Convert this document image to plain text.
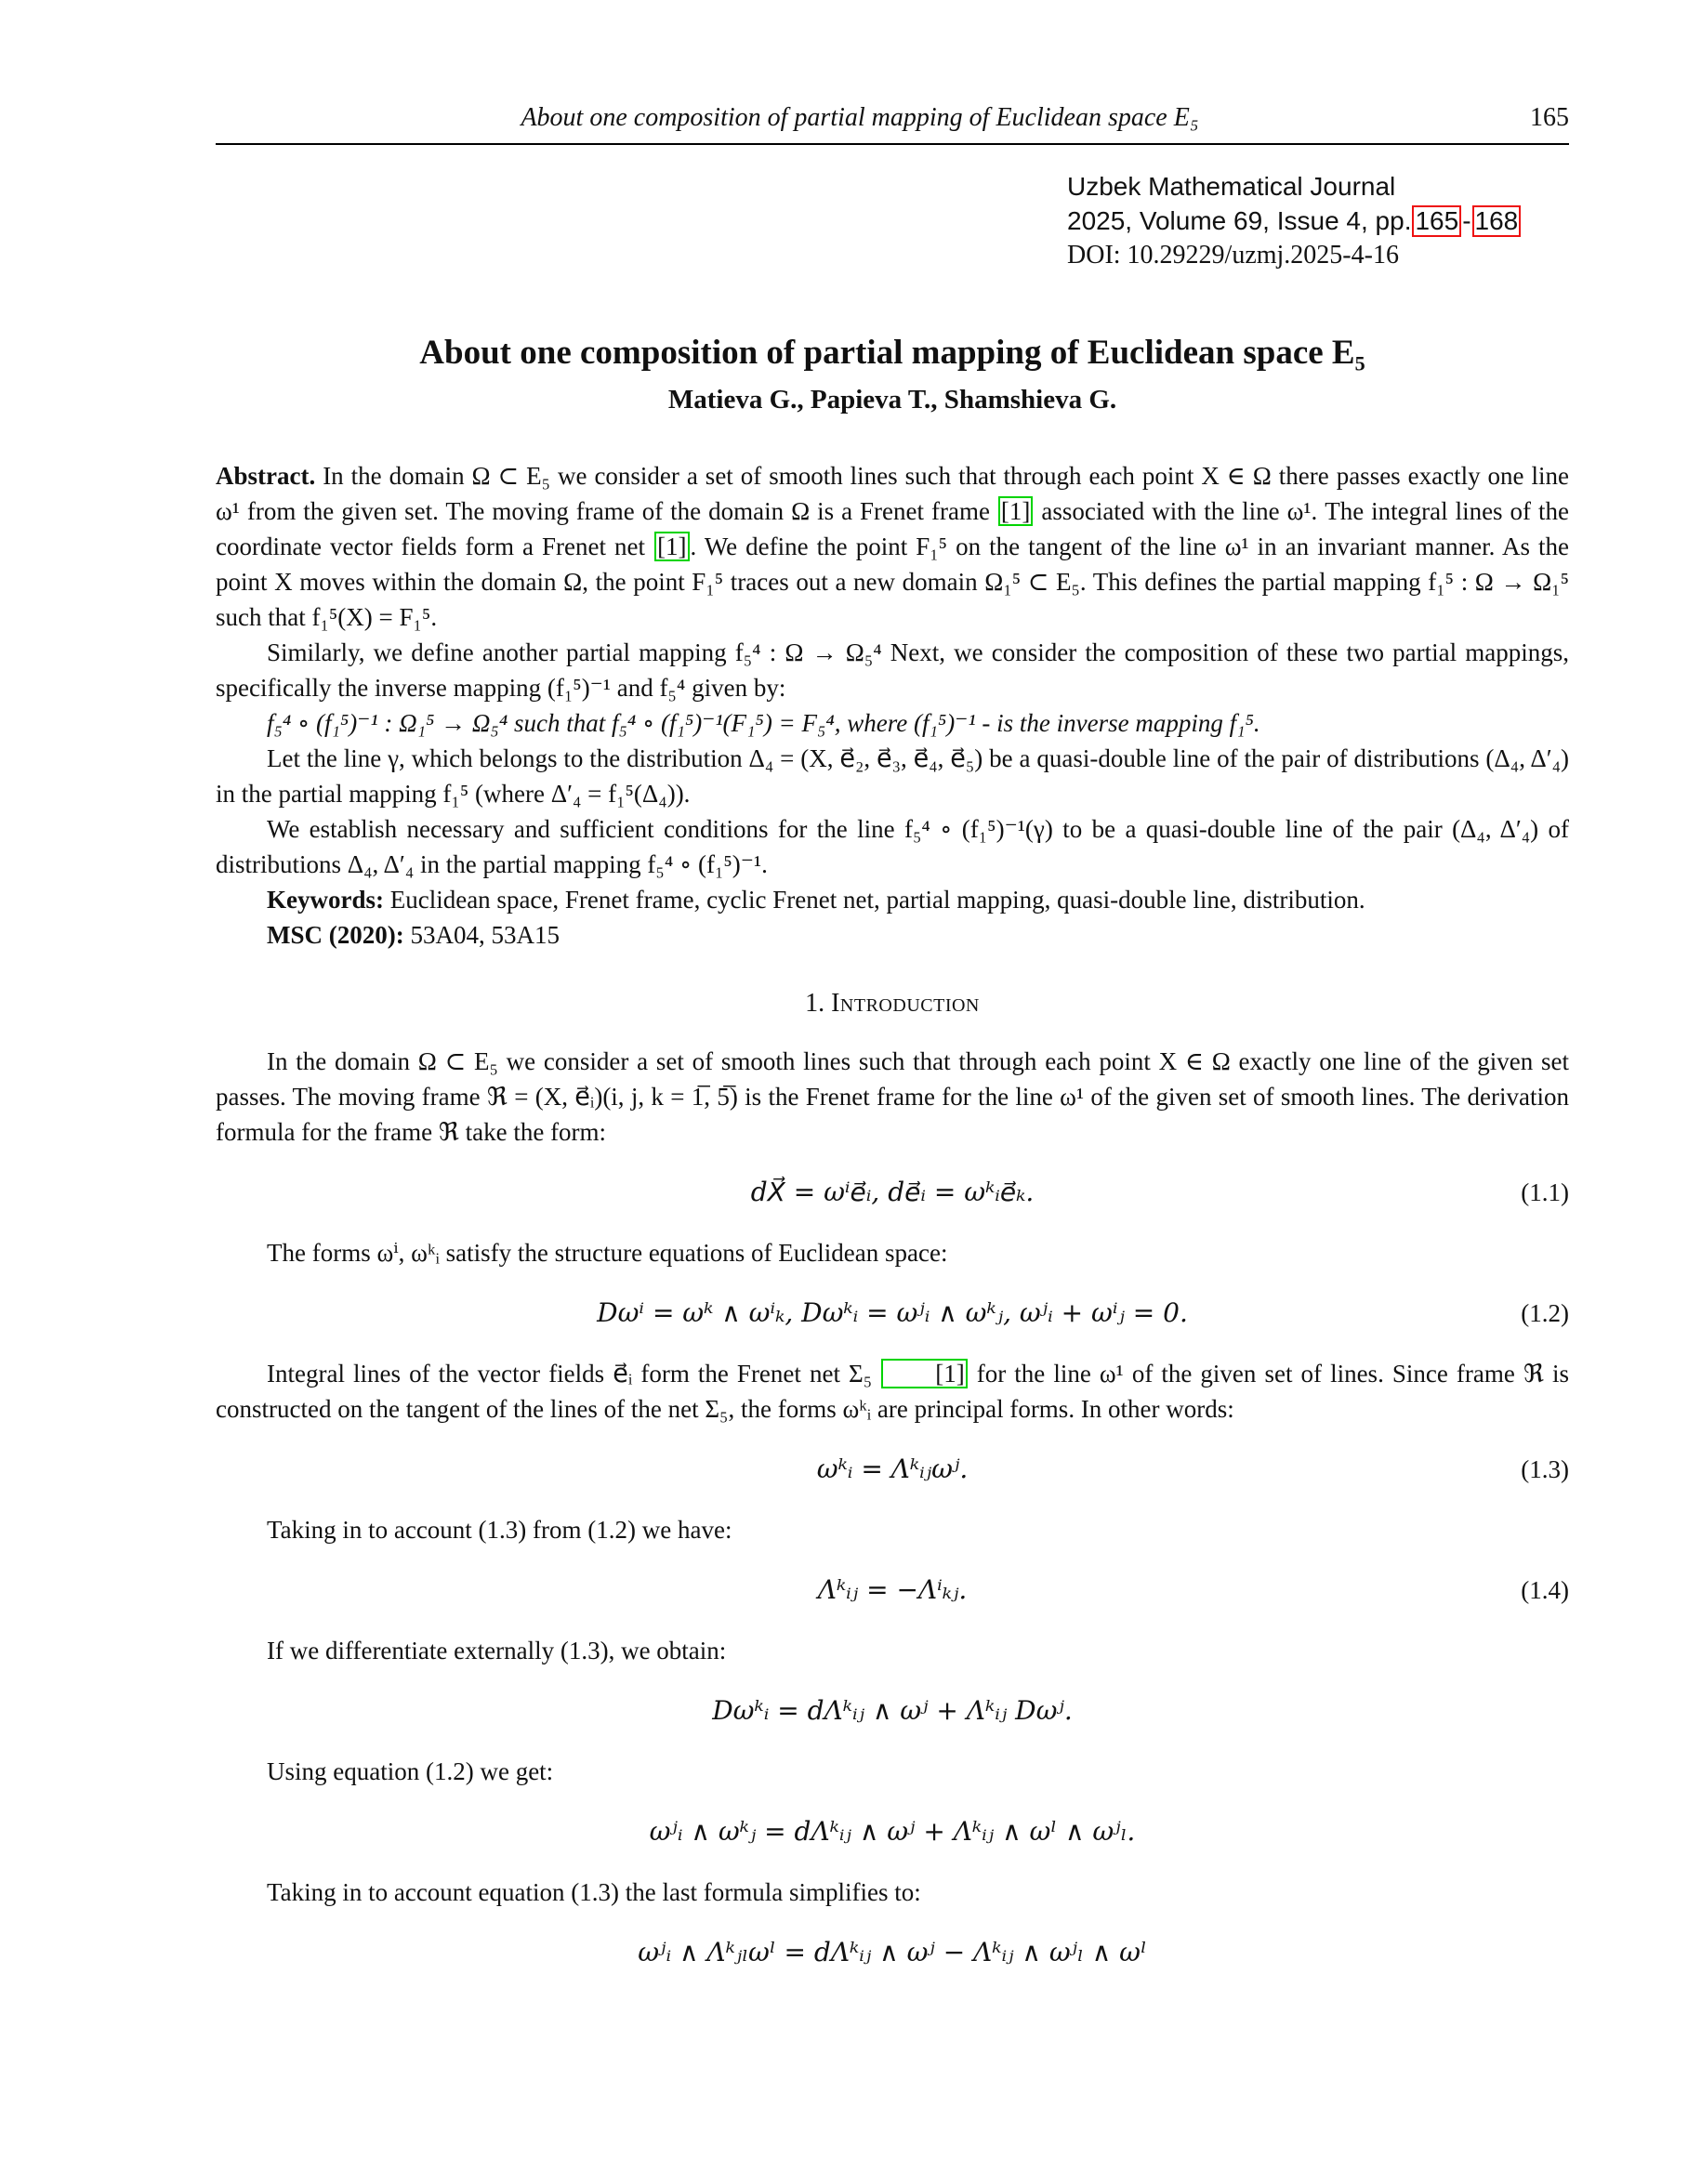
About one composition of partial mapping of Euclidean space E₅	165
Uzbek Mathematical Journal
2025, Volume 69, Issue 4, pp. 165 - 168
DOI: 10.29229/uzmj.2025-4-16
About one composition of partial mapping of Euclidean space E₅
Matieva G., Papieva T., Shamshieva G.

Abstract. In the domain Ω ⊂ E₅ we consider a set of smooth lines such that through each point X ∈ Ω there passes exactly one line ω¹ from the given set. The moving frame of the domain Ω is a Frenet frame [1] associated with the line ω¹. The integral lines of the coordinate vector fields form a Frenet net [1] . We define the point F₁⁵ on the tangent of the line ω¹ in an invariant manner. As the point X moves within the domain Ω, the point F₁⁵ traces out a new domain Ω₁⁵ ⊂ E₅. This defines the partial mapping f₁⁵ : Ω → Ω₁⁵ such that f₁⁵(X) = F₁⁵.

Similarly, we define another partial mapping f₅⁴ : Ω → Ω₅⁴ Next, we consider the composition of these two partial mappings, specifically the inverse mapping (f₁⁵)⁻¹ and f₅⁴ given by:

f₅⁴ ∘ (f₁⁵)⁻¹ : Ω₁⁵ → Ω₅⁴ such that f₅⁴ ∘ (f₁⁵)⁻¹(F₁⁵) = F₅⁴, where (f₁⁵)⁻¹ - is the inverse mapping f₁⁵.

Let the line γ, which belongs to the distribution Δ₄ = (X, e⃗₂, e⃗₃, e⃗₄, e⃗₅) be a quasi-double line of the pair of distributions (Δ₄, Δ′₄) in the partial mapping f₁⁵ (where Δ′₄ = f₁⁵(Δ₄)).

We establish necessary and sufficient conditions for the line f₅⁴ ∘ (f₁⁵)⁻¹(γ) to be a quasi-double line of the pair (Δ₄, Δ′₄) of distributions Δ₄, Δ′₄ in the partial mapping f₅⁴ ∘ (f₁⁵)⁻¹.

Keywords: Euclidean space, Frenet frame, cyclic Frenet net, partial mapping, quasi-double line, distribution.

MSC (2020): 53A04, 53A15

1. Introduction

In the domain Ω ⊂ E₅ we consider a set of smooth lines such that through each point X ∈ Ω exactly one line of the given set passes. The moving frame ℜ = (X, e⃗ᵢ)(i, j, k = 1̅, 5̅) is the Frenet frame for the line ω¹ of the given set of smooth lines. The derivation formula for the frame ℜ take the form:

dX⃗ = ωⁱe⃗ᵢ, de⃗ᵢ = ωᵏᵢe⃗ₖ.	(1.1)

The forms ωⁱ, ωᵏᵢ satisfy the structure equations of Euclidean space:

Dωⁱ = ωᵏ ∧ ωⁱₖ, Dωᵏᵢ = ωʲᵢ ∧ ωᵏⱼ, ωʲᵢ + ωⁱⱼ = 0.	(1.2)

Integral lines of the vector fields e⃗ᵢ form the Frenet net Σ₅ [1] for the line ω¹ of the given set of lines. Since frame ℜ is constructed on the tangent of the lines of the net Σ₅, the forms ωᵏᵢ are principal forms. In other words:

ωᵏᵢ = Λᵏᵢⱼωʲ.	(1.3)

Taking in to account (1.3) from (1.2) we have:

Λᵏᵢⱼ = −Λⁱₖⱼ.	(1.4)

If we differentiate externally (1.3), we obtain:

Dωᵏᵢ = dΛᵏᵢⱼ ∧ ωʲ + Λᵏᵢⱼ Dωʲ.

Using equation (1.2) we get:

ωʲᵢ ∧ ωᵏⱼ = dΛᵏᵢⱼ ∧ ωʲ + Λᵏᵢⱼ ∧ ωˡ ∧ ωʲₗ.

Taking in to account equation (1.3) the last formula simplifies to:

ωʲᵢ ∧ Λᵏⱼₗωˡ = dΛᵏᵢⱼ ∧ ωʲ − Λᵏᵢⱼ ∧ ωʲₗ ∧ ωˡ
